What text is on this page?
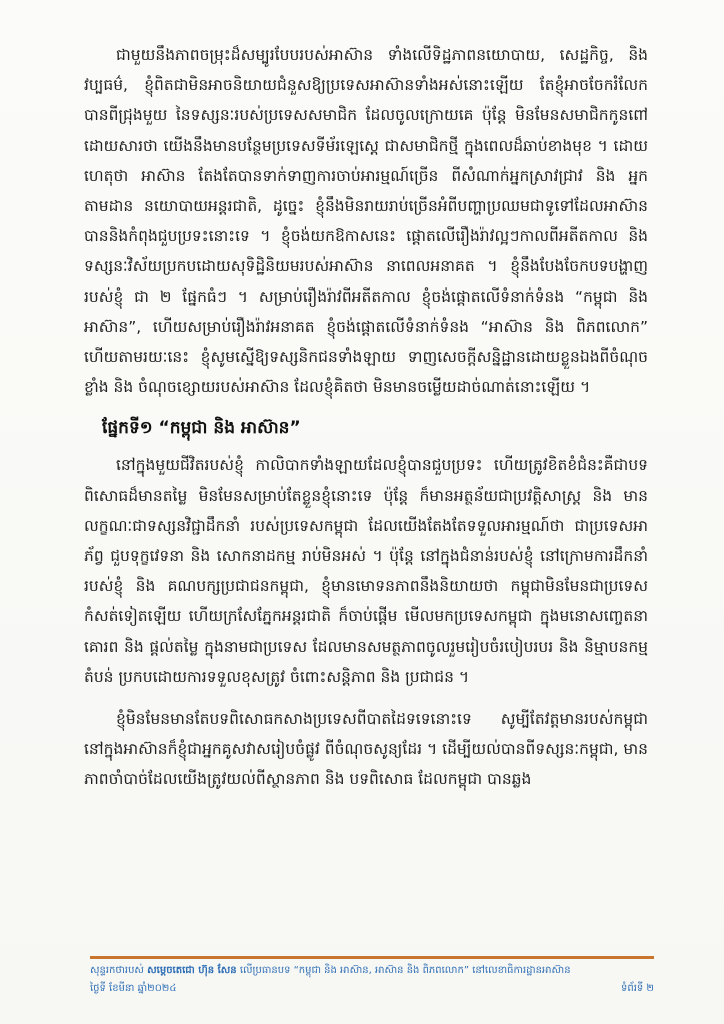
ជាមួយនឹងភាពចម្រុះដ៏សម្បូរបែបរបស់អាស៊ាន ទាំងលើទិដ្ឋភាពនយោបាយ, សេដ្ឋកិច្ច, និង វប្បធម៌, ខ្ញុំពិតជាមិនអាចនិយាយជំនួសឱ្យប្រទេសអាស៊ានទាំងអស់នោះឡើយ តែខ្ញុំអាចចែករំលែកបានពីជ្រុងមួយ នៃទស្សនៈរបស់ប្រទេសសមាជិក ដែលចូលក្រោយគេ ប៉ុន្តែ មិនមែនសមាជិកកូនពៅ ដោយសារថា យើងនឹងមានបន្ថែមប្រទេសទីម័រឡេស្តេ ជាសមាជិកថ្មី ក្នុងពេលដ៏ឆាប់ខាងមុខ ។ ដោយហេតុថា អាស៊ាន តែងតែបានទាក់ទាញការចាប់អារម្មណ៍ច្រើន ពីសំណាក់អ្នកស្រាវជ្រាវ និង អ្នកតាមដាន នយោបាយអន្តរជាតិ, ដូច្នេះ ខ្ញុំនឹងមិនរាយរាប់ច្រើនអំពីបញ្ហាប្រឈមជាទូទៅដែលអាស៊ាន បាននិងកំពុងជួបប្រទះនោះទេ ។ ខ្ញុំចង់យកឱកាសនេះ ផ្តោតលើរឿងរ៉ាវល្អៗកាលពីអតីតកាល និង ទស្សនៈវិស័យប្រកបដោយសុទិដ្ឋិនិយមរបស់អាស៊ាន នាពេលអនាគត ។ ខ្ញុំនឹងបែងចែកបទបង្ហាញរបស់ខ្ញុំ ជា ២ ផ្នែកធំៗ ។ សម្រាប់រឿងរ៉ាវពីអតីតកាល ខ្ញុំចង់ផ្តោតលើទំនាក់ទំនង “កម្ពុជា និង អាស៊ាន”, ហើយសម្រាប់រឿងរ៉ាវអនាគត ខ្ញុំចង់ផ្តោតលើទំនាក់ទំនង “អាស៊ាន និង ពិភពលោក” ហើយតាមរយៈនេះ ខ្ញុំសូមស្នើឱ្យទស្សនិកជនទាំងឡាយ ទាញសេចក្តីសន្និដ្ឋានដោយខ្លួនឯងពីចំណុចខ្លាំង និង ចំណុចខ្សោយរបស់អាស៊ាន ដែលខ្ញុំគិតថា មិនមានចម្លើយដាច់ណាត់នោះឡើយ ។

ផ្នែកទី១ “កម្ពុជា និង អាស៊ាន”

នៅក្នុងមួយជីវិតរបស់ខ្ញុំ កាលិបាកទាំងឡាយដែលខ្ញុំបានជួបប្រទះ ហើយត្រូវខិតខំជំនះគឺជាបទពិសោធដ៏មានតម្លៃ មិនមែនសម្រាប់តែខ្លួនខ្ញុំនោះទេ ប៉ុន្តែ ក៏មានអត្ថន័យជាប្រវត្តិសាស្ត្រ និង មានលក្ខណៈជាទស្សនវិជ្ជាដឹកនាំ របស់ប្រទេសកម្ពុជា ដែលយើងតែងតែទទួលអារម្មណ៍ថា ជាប្រទេសអាភ័ព្វ ជួបទុក្ខវេទនា និង សោកនាដកម្ម រាប់មិនអស់ ។ ប៉ុន្តែ នៅក្នុងជំនាន់របស់ខ្ញុំ នៅក្រោមការដឹកនាំរបស់ខ្ញុំ និង គណបក្សប្រជាជនកម្ពុជា, ខ្ញុំមានមោទនភាពនឹងនិយាយថា កម្ពុជាមិនមែនជាប្រទេសកំសត់ទៀតឡើយ ហើយក្រសែភ្នែកអន្តរជាតិ ក៏ចាប់ផ្តើម មើលមកប្រទេសកម្ពុជា ក្នុងមនោសញ្ចេតនាគោរព និង ផ្តល់តម្លៃ ក្នុងនាមជាប្រទេស ដែលមានសមត្ថភាពចូលរួមរៀបចំរបៀបរបរ និង និម្មាបនកម្មតំបន់ ប្រកបដោយការទទួលខុសត្រូវ ចំពោះសន្តិភាព និង ប្រជាជន ។

ខ្ញុំមិនមែនមានតែបទពិសោធកសាងប្រទេសពីបាតដៃទទេនោះទេ សូម្បីតែវត្តមានរបស់កម្ពុជា នៅក្នុងអាស៊ានក៏ខ្ញុំជាអ្នកគូសវាសរៀបចំផ្លូវ ពីចំណុចសូន្យដែរ ។ ដើម្បីយល់បានពីទស្សនៈកម្ពុជា, មានភាពចាំបាច់ដែលយើងត្រូវយល់ពីស្ថានភាព និង បទពិសោធ ដែលកម្ពុជា បានឆ្លង

សុន្ទរកថារបស់ សម្តេចតេជោ ហ៊ុន សែន លើប្រធានបទ “កម្ពុជា និង អាស៊ាន, អាស៊ាន និង ពិភពលោក” នៅលេខាធិការដ្ឋានអាស៊ាន
ថ្ងៃទី ខែមីនា ឆ្នាំ២០២៤	ទំព័រទី ២
